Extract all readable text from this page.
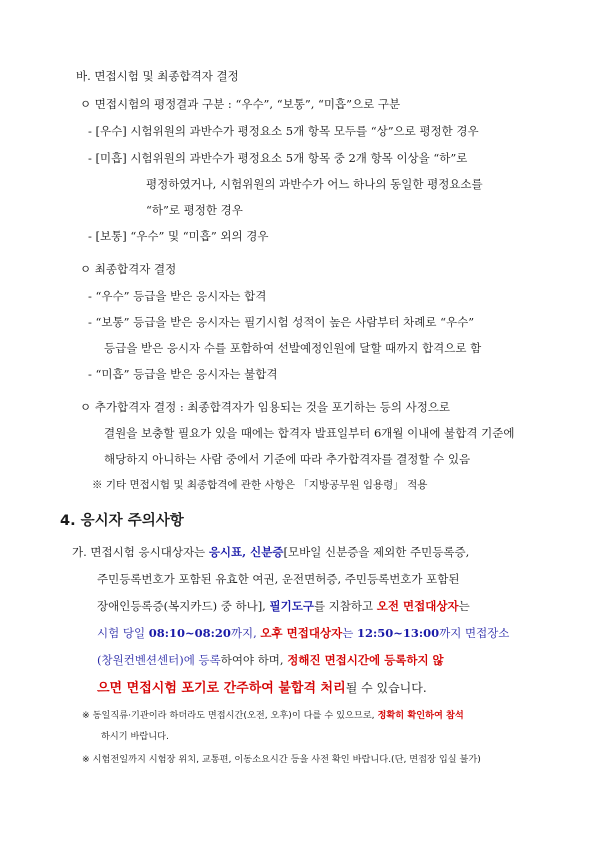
바. 면접시험 및 최종합격자 결정
ㅇ 면접시험의 평정결과 구분 : “우수”, “보통”, “미흡”으로 구분
- [우수] 시험위원의 과반수가 평정요소 5개 항목 모두를 “상”으로 평정한 경우
- [미흡] 시험위원의 과반수가 평정요소 5개 항목 중 2개 항목 이상을 “하”로
평정하였거나, 시험위원의 과반수가 어느 하나의 동일한 평정요소를
“하”로 평정한 경우
- [보통] “우수” 및 “미흡” 외의 경우
ㅇ 최종합격자 결정
- “우수” 등급을 받은 응시자는 합격
- “보통” 등급을 받은 응시자는 필기시험 성적이 높은 사람부터 차례로 “우수”
등급을 받은 응시자 수를 포함하여 선발예정인원에 달할 때까지 합격으로 함
- “미흡” 등급을 받은 응시자는 불합격
ㅇ 추가합격자 결정 : 최종합격자가 임용되는 것을 포기하는 등의 사정으로
결원을 보충할 필요가 있을 때에는 합격자 발표일부터 6개월 이내에 불합격 기준에
해당하지 아니하는 사람 중에서 기준에 따라 추가합격자를 결정할 수 있음
※ 기타 면접시험 및 최종합격에 관한 사항은 「지방공무원 임용령」 적용
4. 응시자 주의사항
가. 면접시험 응시대상자는 응시표, 신분증[모바일 신분증을 제외한 주민등록증,
주민등록번호가 포함된 유효한 여권, 운전면허증, 주민등록번호가 포함된
장애인등록증(복지카드) 중 하나], 필기도구를 지참하고 오전 면접대상자는
시험 당일 08:10~08:20까지, 오후 면접대상자는 12:50~13:00까지 면접장소
(창원컨벤션센터)에 등록하여야 하며, 정해진 면접시간에 등록하지 않
으면 면접시험 포기로 간주하여 불합격 처리될 수 있습니다.
※ 동일직류·기관이라 하더라도 면접시간(오전, 오후)이 다를 수 있으므로, 정확히 확인하여 참석
하시기 바랍니다.
※ 시험전일까지 시험장 위치, 교통편, 이동소요시간 등을 사전 확인 바랍니다.(단, 면접장 입실 불가)
